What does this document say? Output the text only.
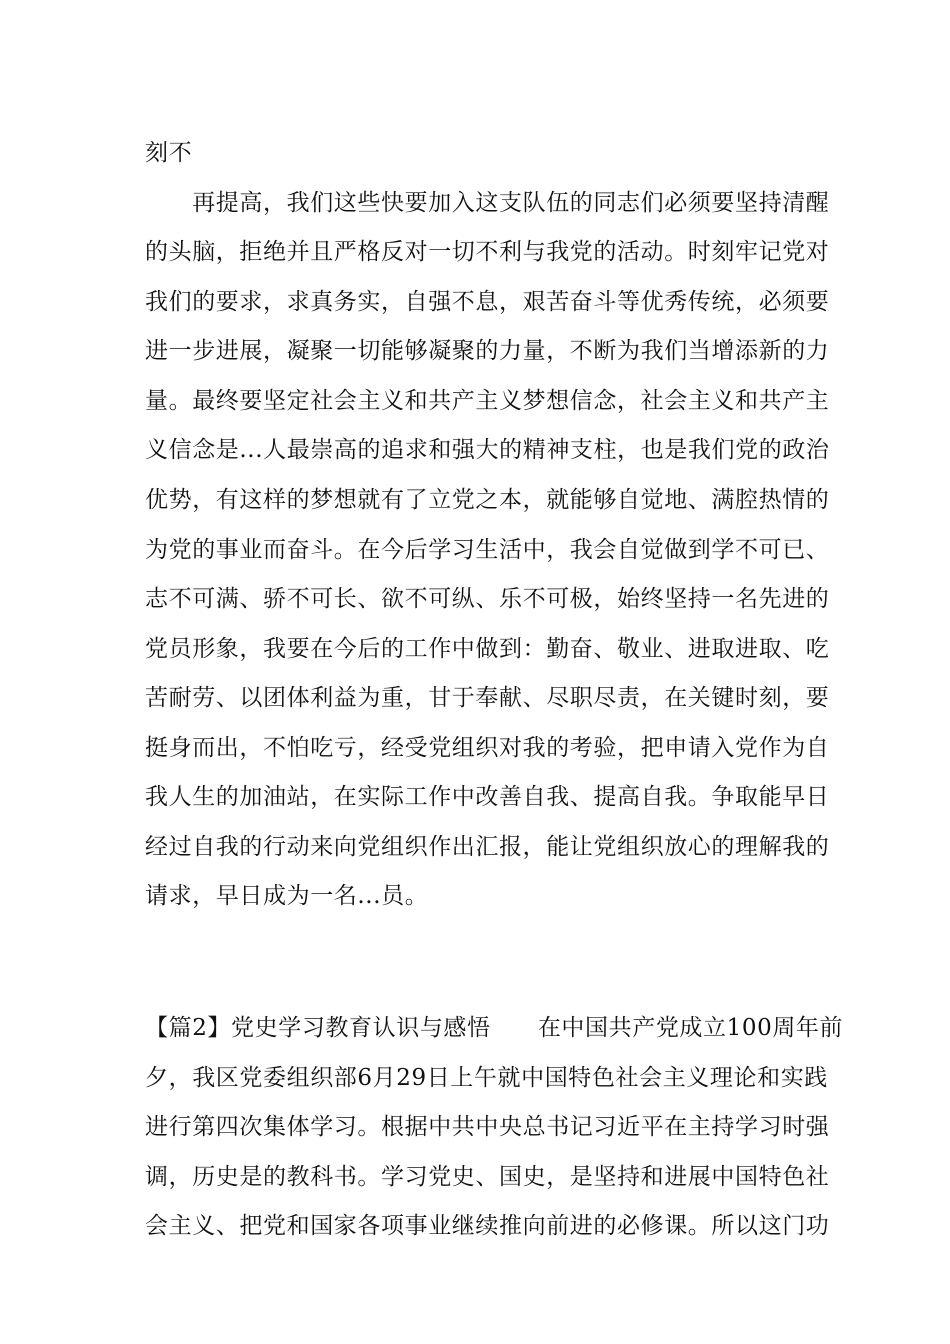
刻不
　　再提高，我们这些快要加入这支队伍的同志们必须要坚持清醒
的头脑，拒绝并且严格反对一切不利与我党的活动。时刻牢记党对
我们的要求，求真务实，自强不息，艰苦奋斗等优秀传统，必须要
进一步进展，凝聚一切能够凝聚的力量，不断为我们当增添新的力
量。最终要坚定社会主义和共产主义梦想信念，社会主义和共产主
义信念是...人最崇高的追求和强大的精神支柱，也是我们党的政治
优势，有这样的梦想就有了立党之本，就能够自觉地、满腔热情的
为党的事业而奋斗。在今后学习生活中，我会自觉做到学不可已、
志不可满、骄不可长、欲不可纵、乐不可极，始终坚持一名先进的
党员形象，我要在今后的工作中做到：勤奋、敬业、进取进取、吃
苦耐劳、以团体利益为重，甘于奉献、尽职尽责，在关键时刻，要
挺身而出，不怕吃亏，经受党组织对我的考验，把申请入党作为自
我人生的加油站，在实际工作中改善自我、提高自我。争取能早日
经过自我的行动来向党组织作出汇报，能让党组织放心的理解我的
请求，早日成为一名...员。
【篇2】党史学习教育认识与感悟　　在中国共产党成立100周年前
夕，我区党委组织部6月29日上午就中国特色社会主义理论和实践
进行第四次集体学习。根据中共中央总书记习近平在主持学习时强
调，历史是的教科书。学习党史、国史，是坚持和进展中国特色社
会主义、把党和国家各项事业继续推向前进的必修课。所以这门功
